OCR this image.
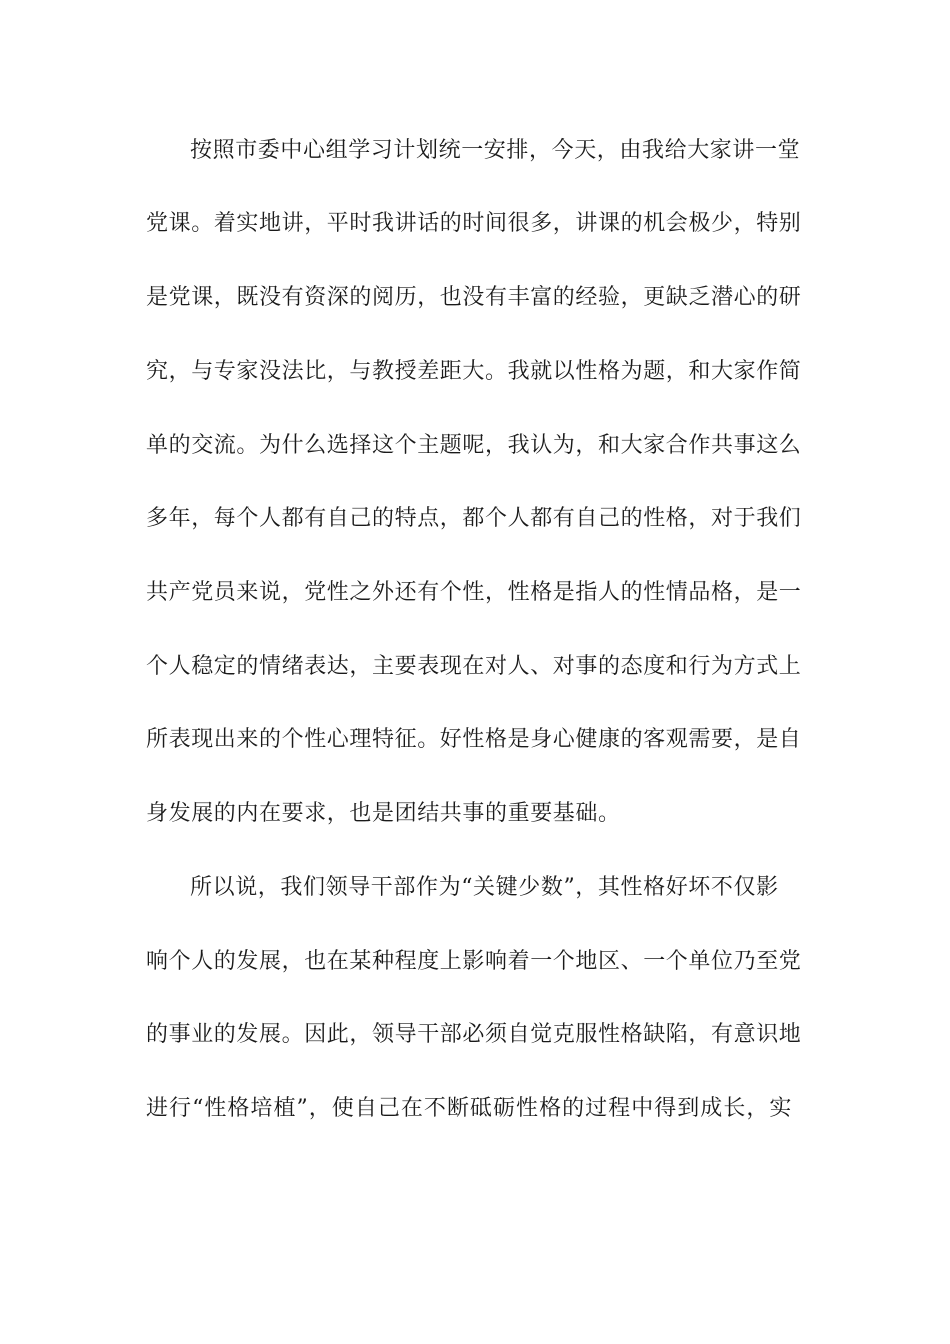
按照市委中心组学习计划统一安排，今天，由我给大家讲一堂
党课。着实地讲，平时我讲话的时间很多，讲课的机会极少，特别
是党课，既没有资深的阅历，也没有丰富的经验，更缺乏潜心的研
究，与专家没法比，与教授差距大。我就以性格为题，和大家作简
单的交流。为什么选择这个主题呢，我认为，和大家合作共事这么
多年，每个人都有自己的特点，都个人都有自己的性格，对于我们
共产党员来说，党性之外还有个性，性格是指人的性情品格，是一
个人稳定的情绪表达，主要表现在对人、对事的态度和行为方式上
所表现出来的个性心理特征。好性格是身心健康的客观需要，是自
身发展的内在要求，也是团结共事的重要基础。
所以说，我们领导干部作为“关键少数”，其性格好坏不仅影
响个人的发展，也在某种程度上影响着一个地区、一个单位乃至党
的事业的发展。因此，领导干部必须自觉克服性格缺陷，有意识地
进行“性格培植”，使自己在不断砥砺性格的过程中得到成长，实
